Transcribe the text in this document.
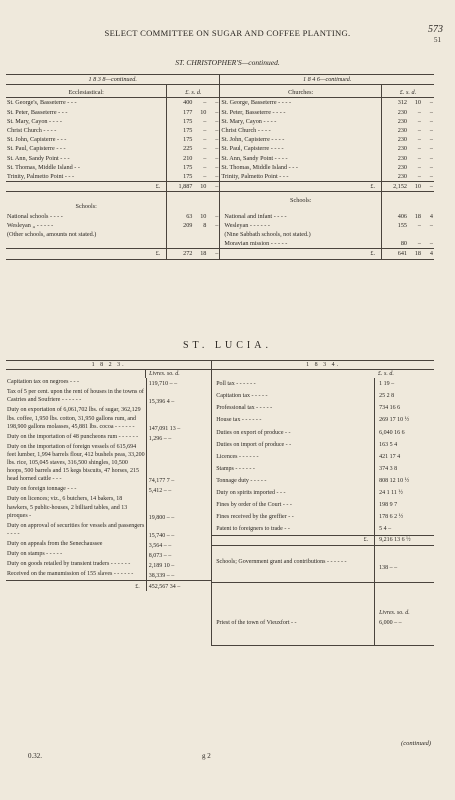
SELECT COMMITTEE ON SUGAR AND COFFEE PLANTING.	573
51
ST. CHRISTOPHER'S—continued.
1 8 3 8—continued.				1 8 4 6—continued.			
Ecclesiastical:	£. s. d.			Churches:	£. s. d.		
St. George's, Basseterre - - -	400	–	–	St. George, Basseterre - - - -	312	10	–
St. Peter, Basseterre - - -	177	10	–	St. Peter, Basseterre - - - -	230	–	–
St. Mary, Cayon - - - -	175	–	–	St. Mary, Cayon - - - -	230	–	–
Christ Church - - - -	175	–	–	Christ Church - - - -	230	–	–
St. John, Capisterre - - -	175	–	–	St. John, Capisterre - - - -	230	–	–
St. Paul, Capisterre - - -	225	–	–	St. Paul, Capisterre - - - -	230	–	–
St. Ann, Sandy Point - - -	210	–	–	St. Ann, Sandy Point - - - -	230	–	–
St. Thomas, Middle Island - -	175	–	–	St. Thomas, Middle Island - - -	230	–	–
Trinity, Palmetto Point - - -	175	–	–	Trinity, Palmetto Point - - -	230	–	–
£.	1,887	10	–	£.	2,152	10	–
Schools:				Schools:			
National schools - - - -	63	10	–	National and infant - - - -	406	18	4
Wesleyan „ - - - - -	209	8	–	Wesleyan - - - - - -	155	–	–
(Other schools, amounts not stated.)				(Nine Sabbath schools, not stated.)			
				Moravian mission - - - - -	80	–	–
£.	272	18	–	£.	641	18	4
ST. LUCIA.
1 8 2 3.	1 8 3 4.
	Livres. so. d.		£. s. d.

Capitation tax on negroes - - -	119,710 – –
Tax of 5 per cent. upon the rent of houses in the towns of Castries and Soufriere - - - - - -	15,396 4 –
Duty on exportation of 6,061,702 lbs. of sugar, 362,129 lbs. coffee, 1,950 lbs. cotton, 31,950 gallons rum, and 198,900 gallons molasses, 45,881 lbs. cocoa - - - - - -	147,091 13 –
Duty on the importation of 48 puncheons rum - - - - - -	1,296 – –
Duty on the importation of foreign vessels of 615,694 feet lumber, 1,994 barrels flour, 412 bushels peas, 33,200 lbs. rice, 105,045 staves, 316,500 shingles, 10,500 hoops, 500 barrels and 15 kegs biscuits, 47 horses, 215 head horned cattle - - -	74,177 7 –
Duty on foreign tonnage - - -	5,412 – –
Duty on licences; viz., 6 butchers, 14 bakers, 18 hawkers, 5 public-houses, 2 billiard tables, and 13 piroques -	19,800 – –
Duty on approval of securities for vessels and passengers - - - -	15,740 – –
Duty on appeals from the Senechaussee	3,564 – –
Duty on stamps - - - - -	8,073 – –
Duty on goods retailed by transient traders - - - - - -	2,189 10 –
Received on the manumission of 155 slaves - - - - - -	38,339 – –
£.	452,567 34 –

Poll tax - - - - - -	1 19 –
Capitation tax - - - - -	25 2 8
Professional tax - - - - -	734 16 6
House tax - - - - - -	269 17 10 ½
Duties on export of produce - -	6,040 16 6
Duties on import of produce - -	163 5 4
Licences - - - - - -	421 17 4
Stamps - - - - - -	374 3 8
Tonnage duty - - - - -	808 12 10 ½
Duty on spirits imported - - -	24 1 11 ½
Fines by order of the Court - - -	198 9 7
Fines received by the greffier - -	178 6 2 ½
Patent to foreigners to trade - -	5 4 –
£.	9,216 13 6 ½
Schools; Government grant and contributions - - - - - -	138 – –
	Livres. so. d.
Priest of the town of Vieuxfort - -	6,000 – –
0.32.	g 2
(continued)
